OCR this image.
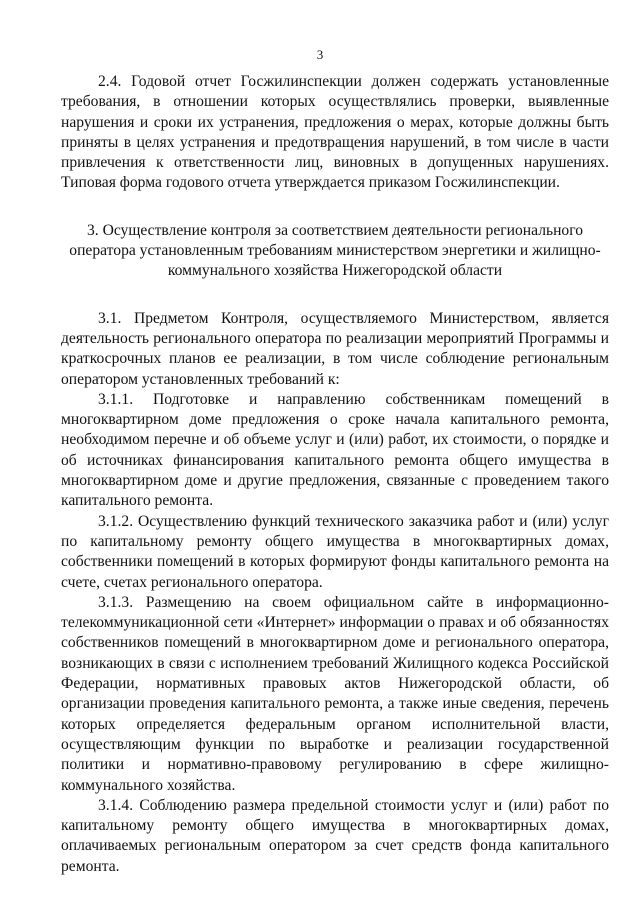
3

2.4. Годовой отчет Госжилинспекции должен содержать установленные требования, в отношении которых осуществлялись проверки, выявленные нарушения и сроки их устранения, предложения о мерах, которые должны быть приняты в целях устранения и предотвращения нарушений, в том числе в части привлечения к ответственности лиц, виновных в допущенных нарушениях. Типовая форма годового отчета утверждается приказом Госжилинспекции.

3. Осуществление контроля за соответствием деятельности регионального оператора установленным требованиям министерством энергетики и жилищно-коммунального хозяйства Нижегородской области

3.1. Предметом Контроля, осуществляемого Министерством, является деятельность регионального оператора по реализации мероприятий Программы и краткосрочных планов ее реализации, в том числе соблюдение региональным оператором установленных требований к:

3.1.1. Подготовке и направлению собственникам помещений в многоквартирном доме предложения о сроке начала капитального ремонта, необходимом перечне и об объеме услуг и (или) работ, их стоимости, о порядке и об источниках финансирования капитального ремонта общего имущества в многоквартирном доме и другие предложения, связанные с проведением такого капитального ремонта.

3.1.2. Осуществлению функций технического заказчика работ и (или) услуг по капитальному ремонту общего имущества в многоквартирных домах, собственники помещений в которых формируют фонды капитального ремонта на счете, счетах регионального оператора.

3.1.3. Размещению на своем официальном сайте в информационно-телекоммуникационной сети «Интернет» информации о правах и об обязанностях собственников помещений в многоквартирном доме и регионального оператора, возникающих в связи с исполнением требований Жилищного кодекса Российской Федерации, нормативных правовых актов Нижегородской области, об организации проведения капитального ремонта, а также иные сведения, перечень которых определяется федеральным органом исполнительной власти, осуществляющим функции по выработке и реализации государственной политики и нормативно-правовому регулированию в сфере жилищно-коммунального хозяйства.

3.1.4. Соблюдению размера предельной стоимости услуг и (или) работ по капитальному ремонту общего имущества в многоквартирных домах, оплачиваемых региональным оператором за счет средств фонда капитального ремонта.
